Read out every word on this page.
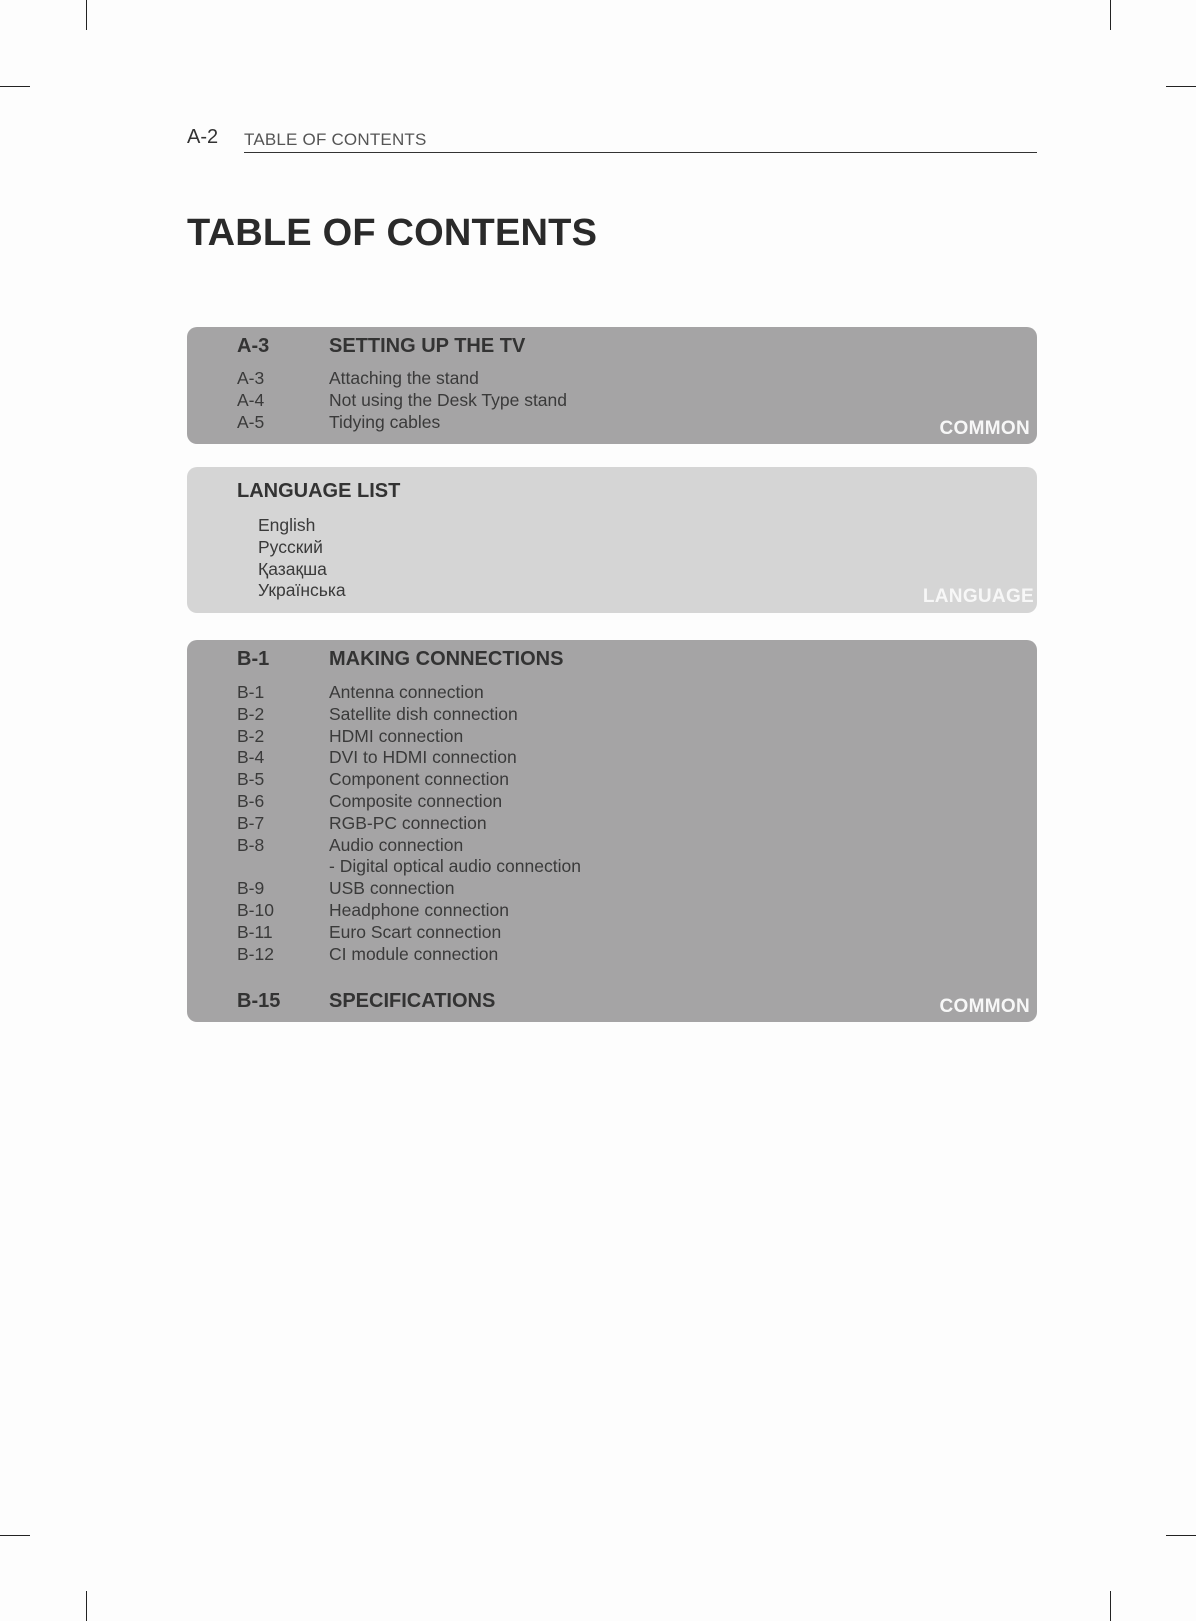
A-2 TABLE OF CONTENTS
TABLE OF CONTENTS
A-3	SETTING UP THE TV
A-3	Attaching the stand
A-4	Not using the Desk Type stand
A-5	Tidying cables	COMMON
LANGUAGE LIST
English
Русский
Қазақша
Українська	LANGUAGE
B-1	MAKING CONNECTIONS
B-1	Antenna connection
B-2	Satellite dish connection
B-2	HDMI connection
B-4	DVI to HDMI connection
B-5	Component connection
B-6	Composite connection
B-7	RGB-PC connection
B-8	Audio connection
- Digital optical audio connection
B-9	USB connection
B-10	Headphone connection
B-11	Euro Scart connection
B-12	CI module connection
B-15 SPECIFICATIONS	COMMON
